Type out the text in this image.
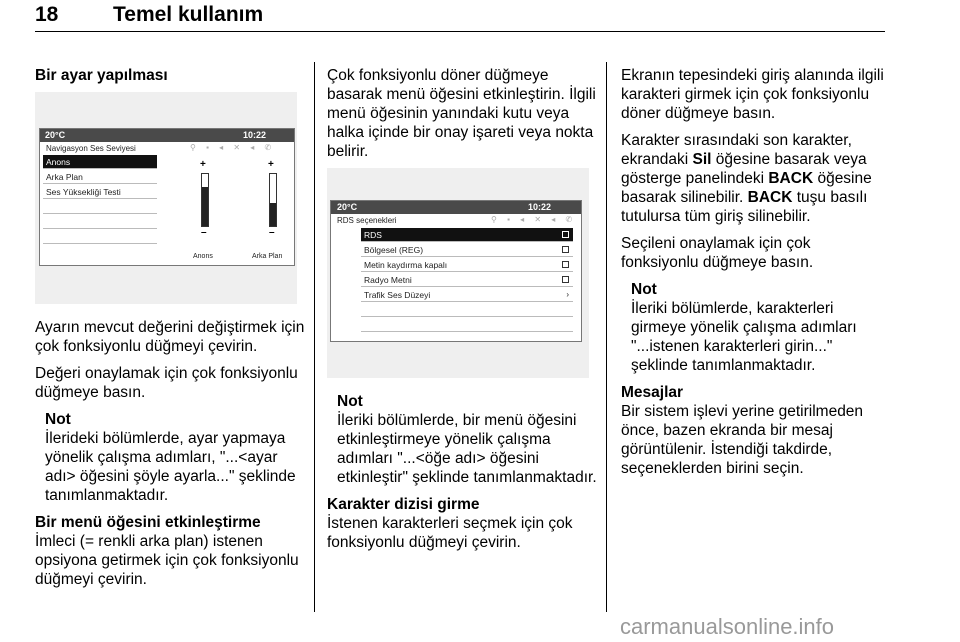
18	Temel kullanım

Bir ayar yapılması

20°C	10:22
Navigasyon Ses Seviyesi	⚲ ▪ ◂ ✕ ◂ ✆
Anons
Arka Plan
Ses Yüksekliği Testi
+
–
+
–
Anons	Arka Plan

Ayarın mevcut değerini değiştirmek için çok fonksiyonlu düğmeyi çevirin.

Değeri onaylamak için çok fonksiyonlu düğmeye basın.

Not
İlerideki bölümlerde, ayar yapmaya yönelik çalışma adımları, "...<ayar adı> öğesini şöyle ayarla..." şeklinde tanımlanmaktadır.
Bir menü öğesini etkinleştirme

İmleci (= renkli arka plan) istenen opsiyona getirmek için çok fonksiyonlu düğmeyi çevirin.

Çok fonksiyonlu döner düğmeye basarak menü öğesini etkinleştirin. İlgili menü öğesinin yanındaki kutu veya halka içinde bir onay işareti veya nokta belirir.

20°C	10:22
RDS seçenekleri	⚲ ▪ ◂ ✕ ◂ ✆
RDS
Bölgesel (REG)
Metin kaydırma kapalı
Radyo Metni
Trafik Ses Düzeyi	›
Not
İleriki bölümlerde, bir menü öğesini etkinleştirmeye yönelik çalışma adımları "...<öğe adı> öğesini etkinleştir" şeklinde tanımlanmaktadır.
Karakter dizisi girme

İstenen karakterleri seçmek için çok fonksiyonlu düğmeyi çevirin.

Ekranın tepesindeki giriş alanında ilgili karakteri girmek için çok fonksiyonlu döner düğmeye basın.

Karakter sırasındaki son karakter, ekrandaki Sil öğesine basarak veya gösterge panelindeki BACK öğesine basarak silinebilir. BACK tuşu basılı tutulursa tüm giriş silinebilir.

Seçileni onaylamak için çok fonksiyonlu düğmeye basın.

Not
İleriki bölümlerde, karakterleri girmeye yönelik çalışma adımları "...istenen karakterleri girin..." şeklinde tanımlanmaktadır.
Mesajlar

Bir sistem işlevi yerine getirilmeden önce, bazen ekranda bir mesaj görüntülenir. İstendiği takdirde, seçeneklerden birini seçin.

carmanualsonline.info
